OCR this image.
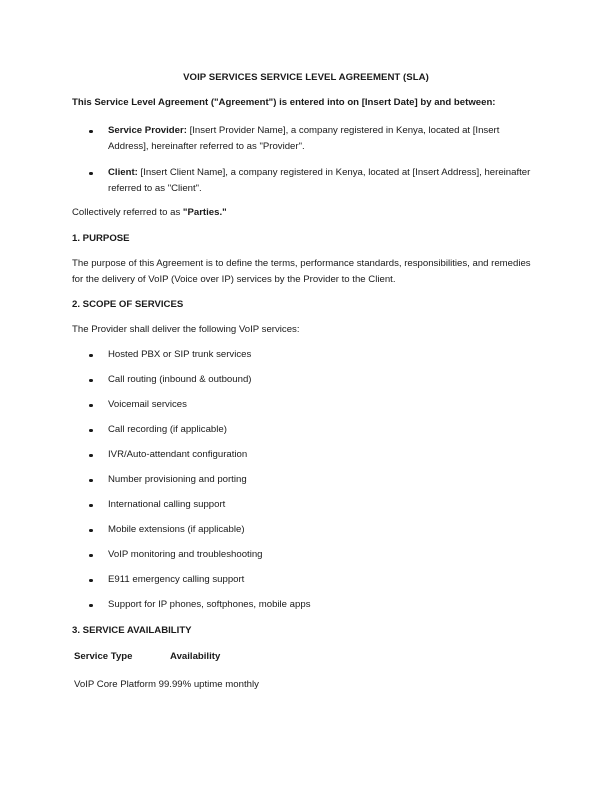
VOIP SERVICES SERVICE LEVEL AGREEMENT (SLA)
This Service Level Agreement ("Agreement") is entered into on [Insert Date] by and between:
Service Provider: [Insert Provider Name], a company registered in Kenya, located at [Insert Address], hereinafter referred to as "Provider".
Client: [Insert Client Name], a company registered in Kenya, located at [Insert Address], hereinafter referred to as "Client".
Collectively referred to as "Parties."
1. PURPOSE
The purpose of this Agreement is to define the terms, performance standards, responsibilities, and remedies for the delivery of VoIP (Voice over IP) services by the Provider to the Client.
2. SCOPE OF SERVICES
The Provider shall deliver the following VoIP services:
Hosted PBX or SIP trunk services
Call routing (inbound & outbound)
Voicemail services
Call recording (if applicable)
IVR/Auto-attendant configuration
Number provisioning and porting
International calling support
Mobile extensions (if applicable)
VoIP monitoring and troubleshooting
E911 emergency calling support
Support for IP phones, softphones, mobile apps
3. SERVICE AVAILABILITY
Service Type	Availability
VoIP Core Platform 99.99% uptime monthly
